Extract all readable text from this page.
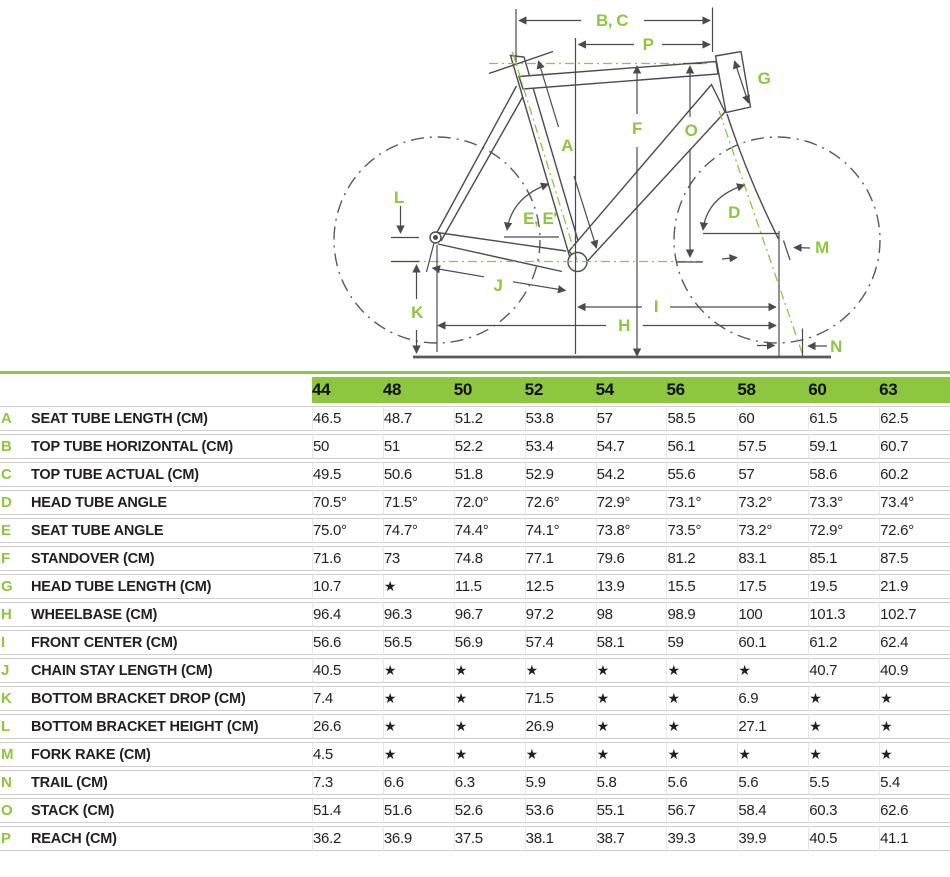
B, C
P
G
F	O
A
E, E'	D
L
K
J
H
I
M
N
	44	48	50	52	54	56	58	60	63
A SEAT TUBE LENGTH (CM)	46.5	48.7	51.2	53.8	57	58.5	60	61.5	62.5
B TOP TUBE HORIZONTAL (CM)	50	51	52.2	53.4	54.7	56.1	57.5	59.1	60.7
C TOP TUBE ACTUAL (CM)	49.5	50.6	51.8	52.9	54.2	55.6	57	58.6	60.2
D HEAD TUBE ANGLE	70.5°	71.5°	72.0°	72.6°	72.9°	73.1°	73.2°	73.3°	73.4°
E SEAT TUBE ANGLE	75.0°	74.7°	74.4°	74.1°	73.8°	73.5°	73.2°	72.9°	72.6°
F STANDOVER (CM)	71.6	73	74.8	77.1	79.6	81.2	83.1	85.1	87.5
G HEAD TUBE LENGTH (CM)	10.7	★	11.5	12.5	13.9	15.5	17.5	19.5	21.9
H WHEELBASE (CM)	96.4	96.3	96.7	97.2	98	98.9	100	101.3	102.7
I FRONT CENTER (CM)	56.6	56.5	56.9	57.4	58.1	59	60.1	61.2	62.4
J CHAIN STAY LENGTH (CM)	40.5	★	★	★	★	★	★	40.7	40.9
K BOTTOM BRACKET DROP (CM)	7.4	★	★	71.5	★	★	6.9	★	★
L BOTTOM BRACKET HEIGHT (CM)	26.6	★	★	26.9	★	★	27.1	★	★
M FORK RAKE (CM)	4.5	★	★	★	★	★	★	★	★
N TRAIL (CM)	7.3	6.6	6.3	5.9	5.8	5.6	5.6	5.5	5.4
O STACK (CM)	51.4	51.6	52.6	53.6	55.1	56.7	58.4	60.3	62.6
P REACH (CM)	36.2	36.9	37.5	38.1	38.7	39.3	39.9	40.5	41.1
